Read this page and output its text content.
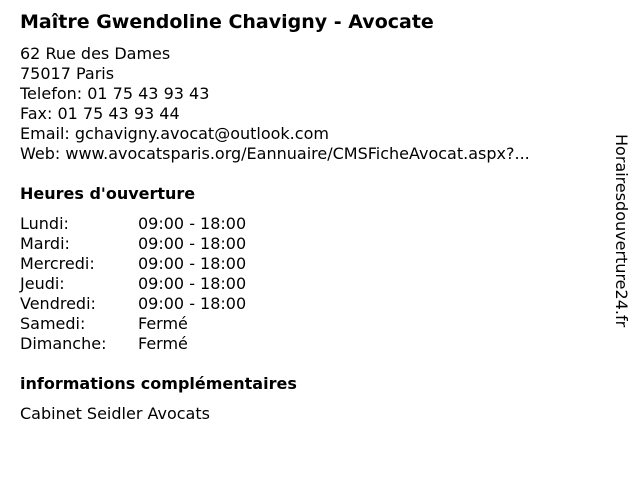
Maître Gwendoline Chavigny - Avocate
62 Rue des Dames
75017 Paris
Telefon: 01 75 43 93 43
Fax: 01 75 43 93 44
Email: gchavigny.avocat@outlook.com
Web: www.avocatsparis.org/Eannuaire/CMSFicheAvocat.aspx?...
Heures d'ouverture
Lundi:	09:00 - 18:00
Mardi:	09:00 - 18:00
Mercredi:	09:00 - 18:00
Jeudi:	09:00 - 18:00
Vendredi:	09:00 - 18:00
Samedi:	Fermé
Dimanche:	Fermé
informations complémentaires
Cabinet Seidler Avocats
Horairesdouverture24.fr
